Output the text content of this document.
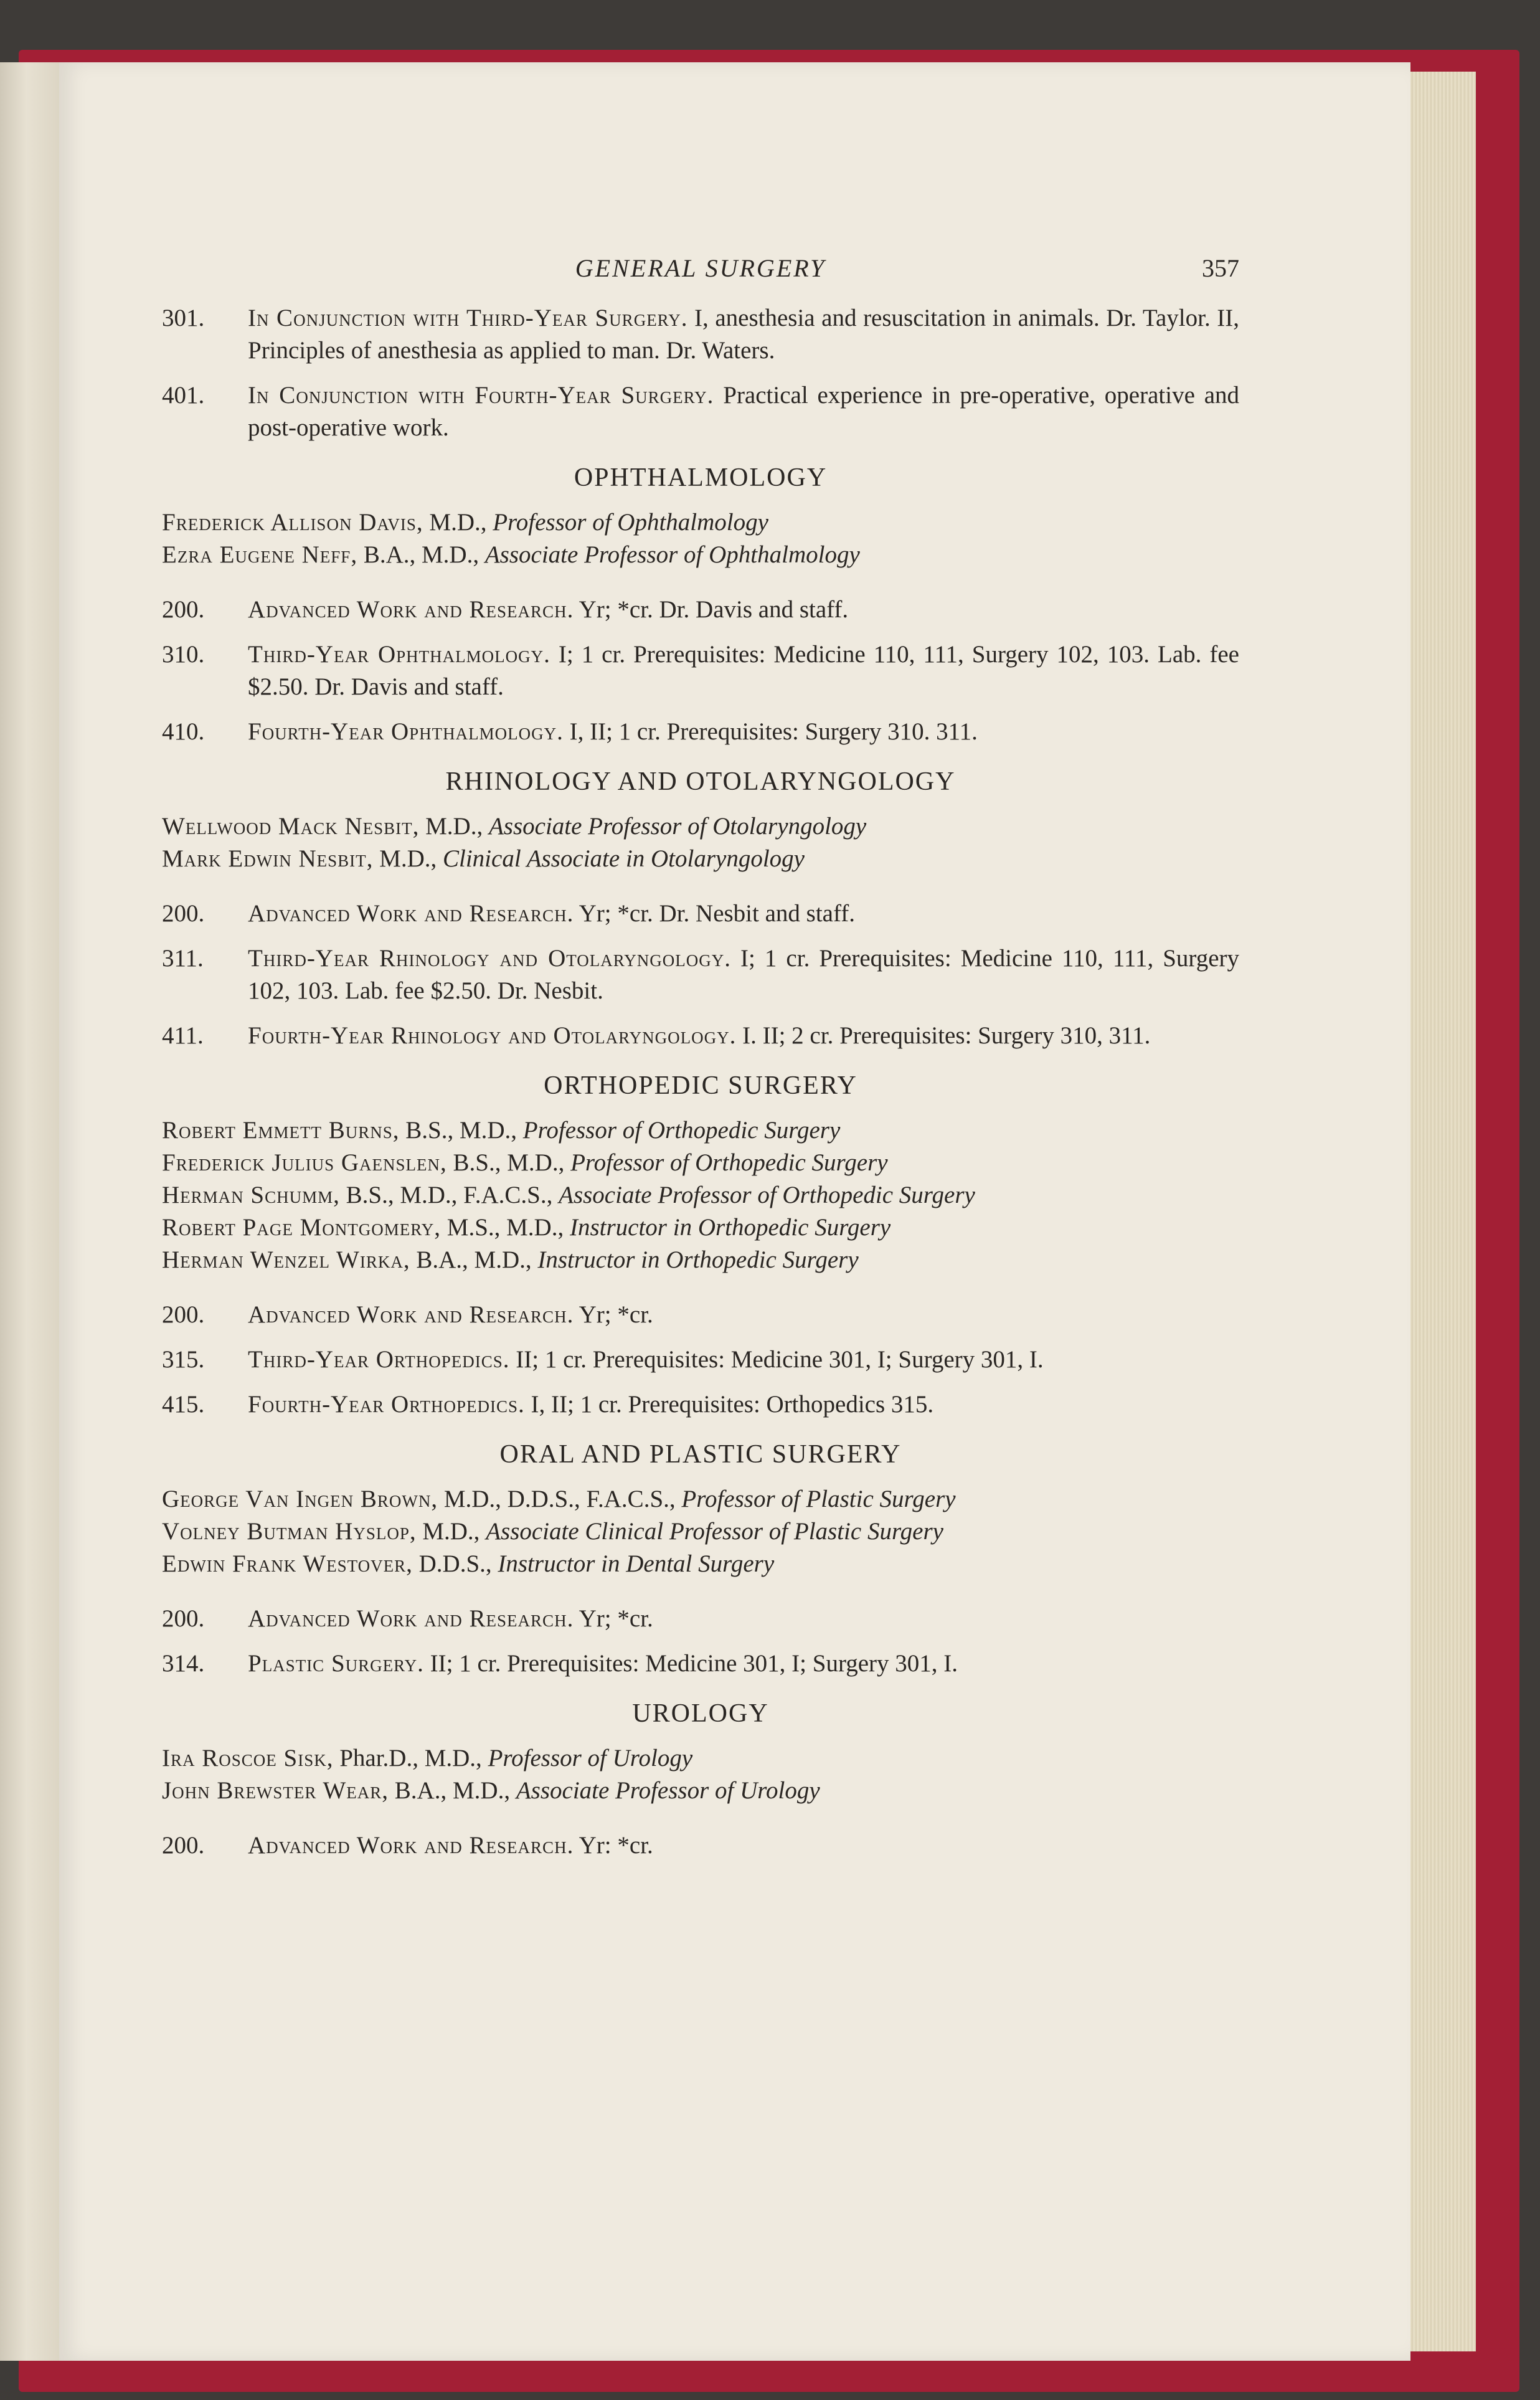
GENERAL SURGERY	357
301.	In Conjunction with Third-Year Surgery. I, anesthesia and resuscitation in animals. Dr. Taylor. II, Principles of anesthesia as applied to man. Dr. Waters.
401.	In Conjunction with Fourth-Year Surgery. Practical experience in pre-operative, operative and post-operative work.
OPHTHALMOLOGY
Frederick Allison Davis, M.D., Professor of Ophthalmology
Ezra Eugene Neff, B.A., M.D., Associate Professor of Ophthalmology
200.	Advanced Work and Research. Yr; *cr. Dr. Davis and staff.
310.	Third-Year Ophthalmology. I; 1 cr. Prerequisites: Medicine 110, 111, Surgery 102, 103. Lab. fee $2.50. Dr. Davis and staff.
410.	Fourth-Year Ophthalmology. I, II; 1 cr. Prerequisites: Surgery 310. 311.
RHINOLOGY AND OTOLARYNGOLOGY
Wellwood Mack Nesbit, M.D., Associate Professor of Otolaryngology
Mark Edwin Nesbit, M.D., Clinical Associate in Otolaryngology
200.	Advanced Work and Research. Yr; *cr. Dr. Nesbit and staff.
311.	Third-Year Rhinology and Otolaryngology. I; 1 cr. Prerequisites: Medicine 110, 111, Surgery 102, 103. Lab. fee $2.50. Dr. Nesbit.
411.	Fourth-Year Rhinology and Otolaryngology. I. II; 2 cr. Prerequisites: Surgery 310, 311.
ORTHOPEDIC SURGERY
Robert Emmett Burns, B.S., M.D., Professor of Orthopedic Surgery
Frederick Julius Gaenslen, B.S., M.D., Professor of Orthopedic Surgery
Herman Schumm, B.S., M.D., F.A.C.S., Associate Professor of Orthopedic Surgery
Robert Page Montgomery, M.S., M.D., Instructor in Orthopedic Surgery
Herman Wenzel Wirka, B.A., M.D., Instructor in Orthopedic Surgery
200.	Advanced Work and Research. Yr; *cr.
315.	Third-Year Orthopedics. II; 1 cr. Prerequisites: Medicine 301, I; Surgery 301, I.
415.	Fourth-Year Orthopedics. I, II; 1 cr. Prerequisites: Orthopedics 315.
ORAL AND PLASTIC SURGERY
George Van Ingen Brown, M.D., D.D.S., F.A.C.S., Professor of Plastic Surgery
Volney Butman Hyslop, M.D., Associate Clinical Professor of Plastic Surgery
Edwin Frank Westover, D.D.S., Instructor in Dental Surgery
200.	Advanced Work and Research. Yr; *cr.
314.	Plastic Surgery. II; 1 cr. Prerequisites: Medicine 301, I; Surgery 301, I.
UROLOGY
Ira Roscoe Sisk, Phar.D., M.D., Professor of Urology
John Brewster Wear, B.A., M.D., Associate Professor of Urology
200.	Advanced Work and Research. Yr: *cr.
